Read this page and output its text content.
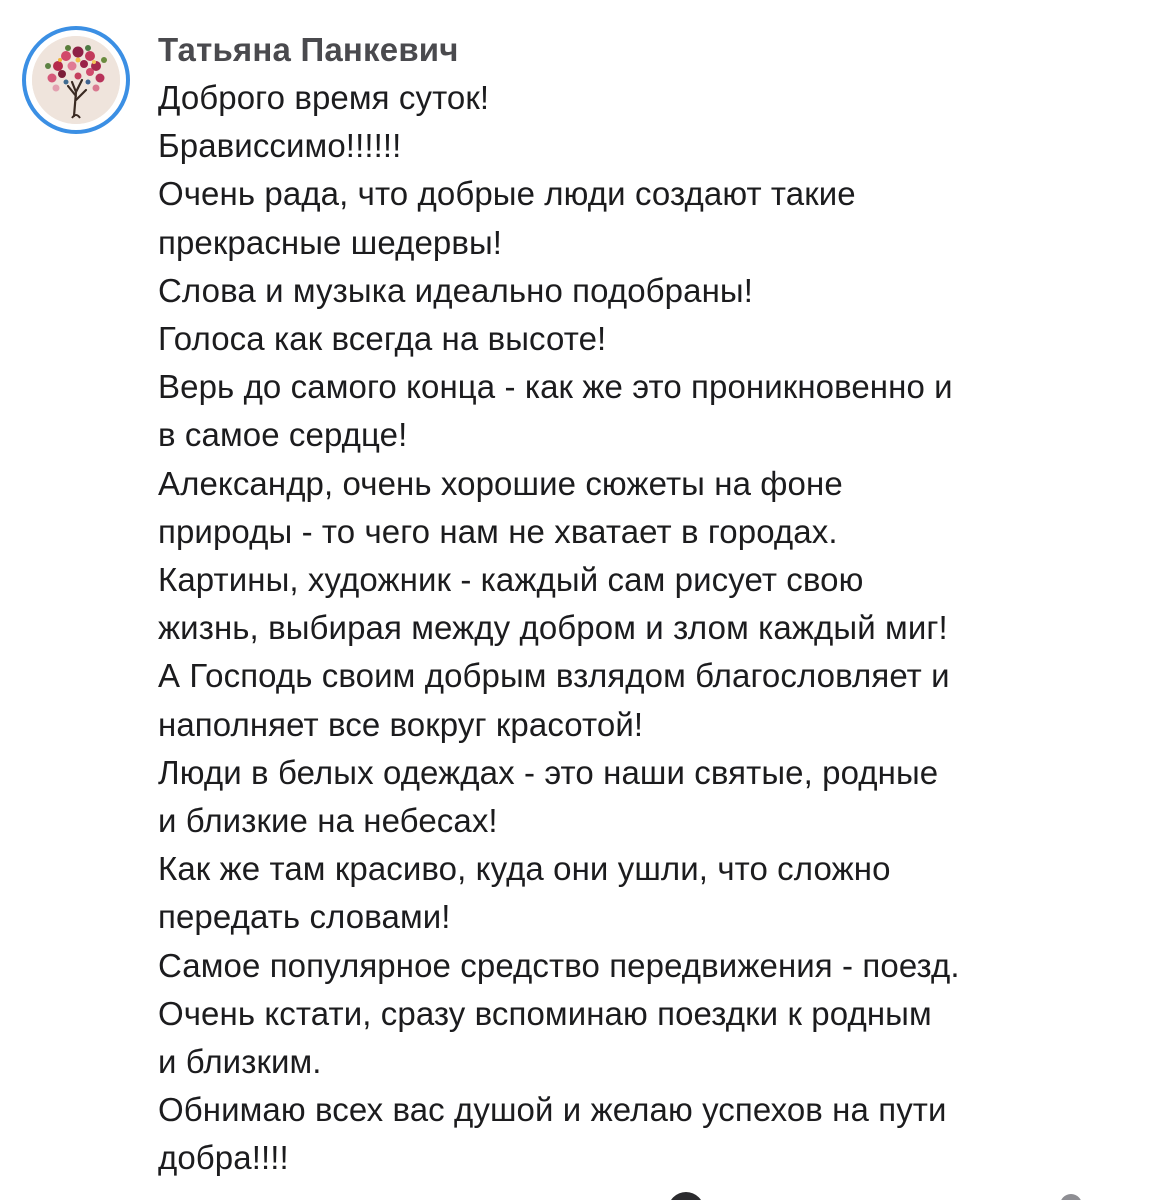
Татьяна Панкевич
Доброго время суток!
Брависсимо!!!!!!
Очень рада, что добрые люди создают такие
прекрасные шедервы!
Слова и музыка идеально подобраны!
Голоса как всегда на высоте!
Верь до самого конца - как же это проникновенно и
в самое сердце!
Александр, очень хорошие сюжеты на фоне
природы - то чего нам не хватает в городах.
Картины, художник - каждый сам рисует свою
жизнь, выбирая между добром и злом каждый миг!
А Господь своим добрым взлядом благословляет и
наполняет все вокруг красотой!
Люди в белых одеждах - это наши святые, родные
и близкие на небесах!
Как же там красиво, куда они ушли, что сложно
передать словами!
Самое популярное средство передвижения - поезд.
Очень кстати, сразу вспоминаю поездки к родным
и близким.
Обнимаю всех вас душой и желаю успехов на пути
добра!!!!
